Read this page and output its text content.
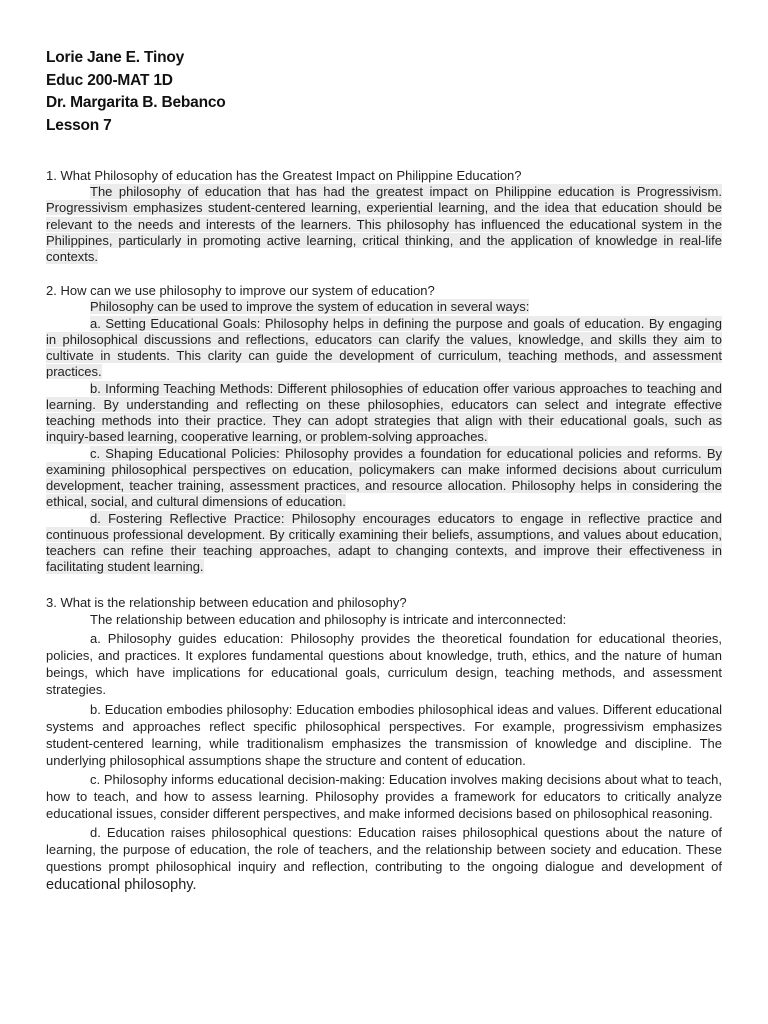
Lorie Jane E. Tinoy
Educ 200-MAT 1D
Dr. Margarita B. Bebanco
Lesson 7
1. What Philosophy of education has the Greatest Impact on Philippine Education?

The philosophy of education that has had the greatest impact on Philippine education is Progressivism. Progressivism emphasizes student-centered learning, experiential learning, and the idea that education should be relevant to the needs and interests of the learners. This philosophy has influenced the educational system in the Philippines, particularly in promoting active learning, critical thinking, and the application of knowledge in real-life contexts.

2. How can we use philosophy to improve our system of education?

Philosophy can be used to improve the system of education in several ways:

a. Setting Educational Goals: Philosophy helps in defining the purpose and goals of education. By engaging in philosophical discussions and reflections, educators can clarify the values, knowledge, and skills they aim to cultivate in students. This clarity can guide the development of curriculum, teaching methods, and assessment practices.

b. Informing Teaching Methods: Different philosophies of education offer various approaches to teaching and learning. By understanding and reflecting on these philosophies, educators can select and integrate effective teaching methods into their practice. They can adopt strategies that align with their educational goals, such as inquiry-based learning, cooperative learning, or problem-solving approaches.

c. Shaping Educational Policies: Philosophy provides a foundation for educational policies and reforms. By examining philosophical perspectives on education, policymakers can make informed decisions about curriculum development, teacher training, assessment practices, and resource allocation. Philosophy helps in considering the ethical, social, and cultural dimensions of education.

d. Fostering Reflective Practice: Philosophy encourages educators to engage in reflective practice and continuous professional development. By critically examining their beliefs, assumptions, and values about education, teachers can refine their teaching approaches, adapt to changing contexts, and improve their effectiveness in facilitating student learning.

3. What is the relationship between education and philosophy?

The relationship between education and philosophy is intricate and interconnected:

a. Philosophy guides education: Philosophy provides the theoretical foundation for educational theories, policies, and practices. It explores fundamental questions about knowledge, truth, ethics, and the nature of human beings, which have implications for educational goals, curriculum design, teaching methods, and assessment strategies.

b. Education embodies philosophy: Education embodies philosophical ideas and values. Different educational systems and approaches reflect specific philosophical perspectives. For example, progressivism emphasizes student-centered learning, while traditionalism emphasizes the transmission of knowledge and discipline. The underlying philosophical assumptions shape the structure and content of education.

c. Philosophy informs educational decision-making: Education involves making decisions about what to teach, how to teach, and how to assess learning. Philosophy provides a framework for educators to critically analyze educational issues, consider different perspectives, and make informed decisions based on philosophical reasoning.

d. Education raises philosophical questions: Education raises philosophical questions about the nature of learning, the purpose of education, the role of teachers, and the relationship between society and education. These questions prompt philosophical inquiry and reflection, contributing to the ongoing dialogue and development of educational philosophy.
